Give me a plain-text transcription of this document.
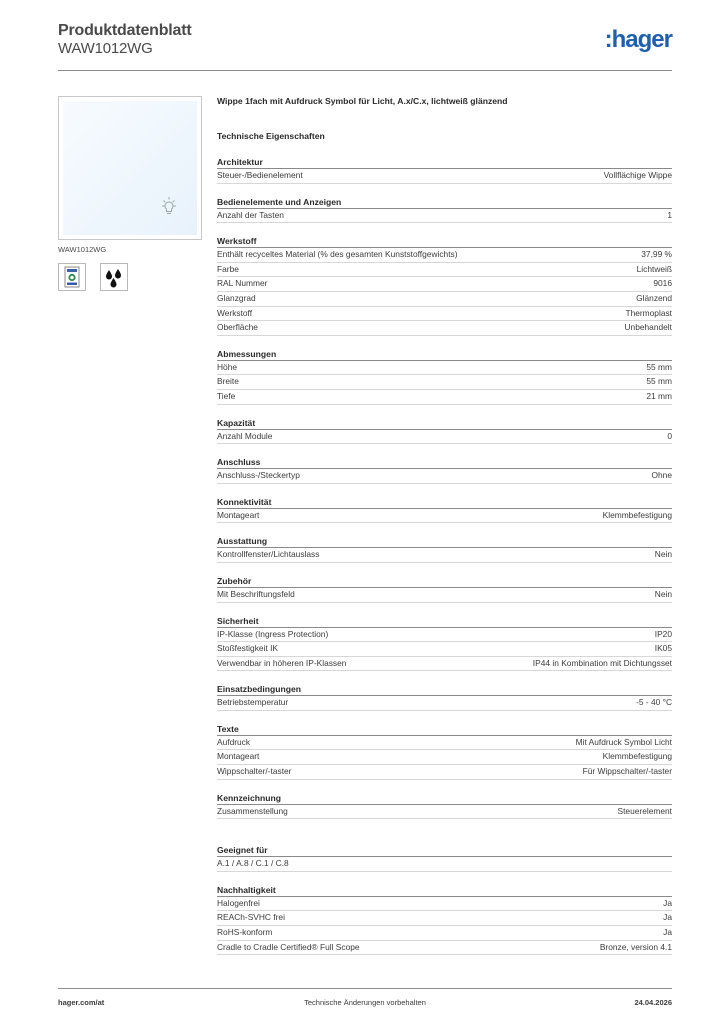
Produktdatenblatt
WAW1012WG	:hager
WAW1012WG
Wippe 1fach mit Aufdruck Symbol für Licht, A.x/C.x, lichtweiß glänzend
Technische Eigenschaften
Architektur
Steuer-/Bedienelement	Vollflächige Wippe
Bedienelemente und Anzeigen
Anzahl der Tasten	1
Werkstoff
Enthält recyceltes Material (% des gesamten Kunststoffgewichts)	37,99 %
Farbe	Lichtweiß
RAL Nummer	9016
Glanzgrad	Glänzend
Werkstoff	Thermoplast
Oberfläche	Unbehandelt
Abmessungen
Höhe	55 mm
Breite	55 mm
Tiefe	21 mm
Kapazität
Anzahl Module	0
Anschluss
Anschluss-/Steckertyp	Ohne
Konnektivität
Montageart	Klemmbefestigung
Ausstattung
Kontrollfenster/Lichtauslass	Nein
Zubehör
Mit Beschriftungsfeld	Nein
Sicherheit
IP-Klasse (Ingress Protection)	IP20
Stoßfestigkeit IK	IK05
Verwendbar in höheren IP-Klassen	IP44 in Kombination mit Dichtungsset
Einsatzbedingungen
Betriebstemperatur	-5 - 40 °C
Texte
Aufdruck	Mit Aufdruck Symbol Licht
Montageart	Klemmbefestigung
Wippschalter/-taster	Für Wippschalter/-taster
Kennzeichnung
Zusammenstellung	Steuerelement
Geeignet für
A.1 / A.8 / C.1 / C.8
Nachhaltigkeit
Halogenfrei	Ja
REACh-SVHC frei	Ja
RoHS-konform	Ja
Cradle to Cradle Certified® Full Scope	Bronze, version 4.1
hager.com/at	Technische Änderungen vorbehalten	24.04.2026
